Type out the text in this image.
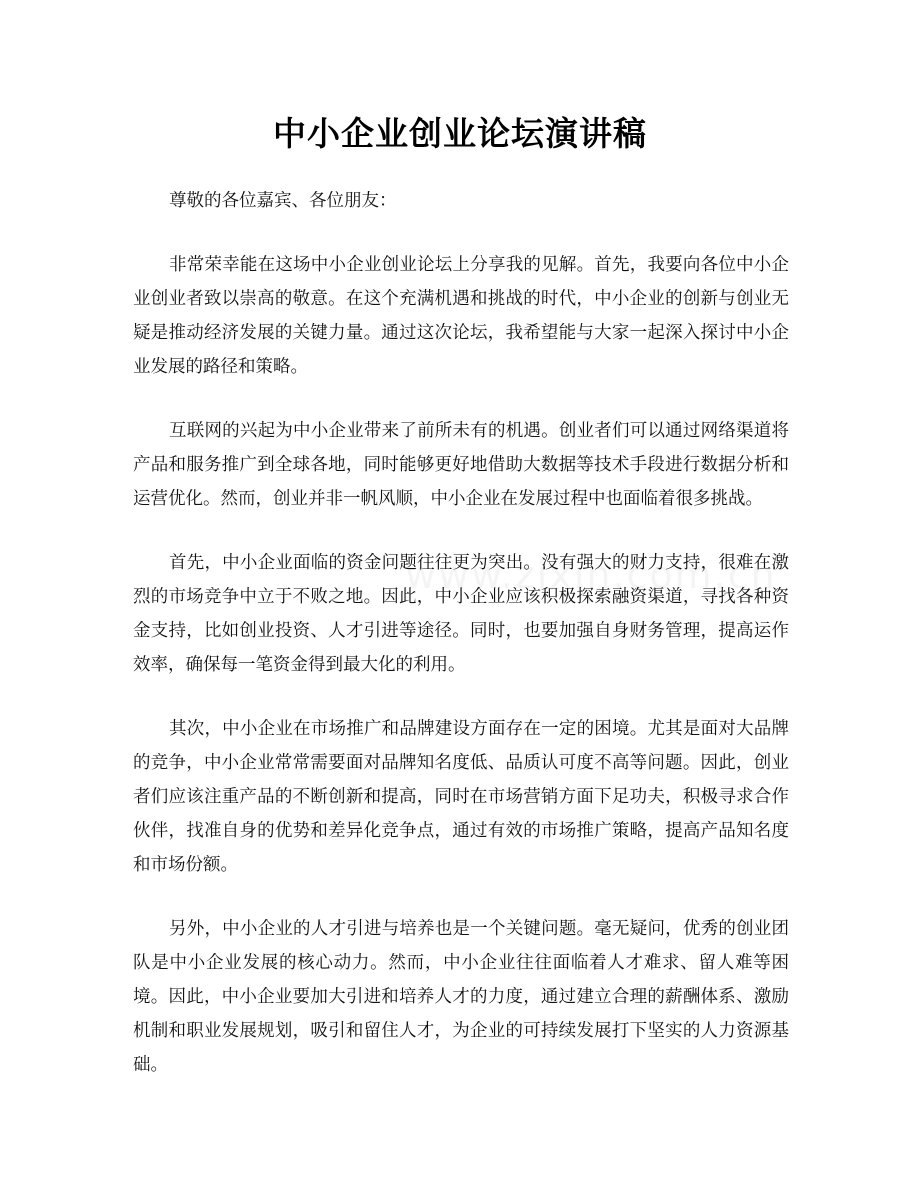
中小企业创业论坛演讲稿

尊敬的各位嘉宾、各位朋友：

非常荣幸能在这场中小企业创业论坛上分享我的见解。首先，我要向各位中小企业创业者致以崇高的敬意。在这个充满机遇和挑战的时代，中小企业的创新与创业无疑是推动经济发展的关键力量。通过这次论坛，我希望能与大家一起深入探讨中小企业发展的路径和策略。

互联网的兴起为中小企业带来了前所未有的机遇。创业者们可以通过网络渠道将产品和服务推广到全球各地，同时能够更好地借助大数据等技术手段进行数据分析和运营优化。然而，创业并非一帆风顺，中小企业在发展过程中也面临着很多挑战。

首先，中小企业面临的资金问题往往更为突出。没有强大的财力支持，很难在激烈的市场竞争中立于不败之地。因此，中小企业应该积极探索融资渠道，寻找各种资金支持，比如创业投资、人才引进等途径。同时，也要加强自身财务管理，提高运作效率，确保每一笔资金得到最大化的利用。

其次，中小企业在市场推广和品牌建设方面存在一定的困境。尤其是面对大品牌的竞争，中小企业常常需要面对品牌知名度低、品质认可度不高等问题。因此，创业者们应该注重产品的不断创新和提高，同时在市场营销方面下足功夫，积极寻求合作伙伴，找准自身的优势和差异化竞争点，通过有效的市场推广策略，提高产品知名度和市场份额。

另外，中小企业的人才引进与培养也是一个关键问题。毫无疑问，优秀的创业团队是中小企业发展的核心动力。然而，中小企业往往面临着人才难求、留人难等困境。因此，中小企业要加大引进和培养人才的力度，通过建立合理的薪酬体系、激励机制和职业发展规划，吸引和留住人才，为企业的可持续发展打下坚实的人力资源基础。
